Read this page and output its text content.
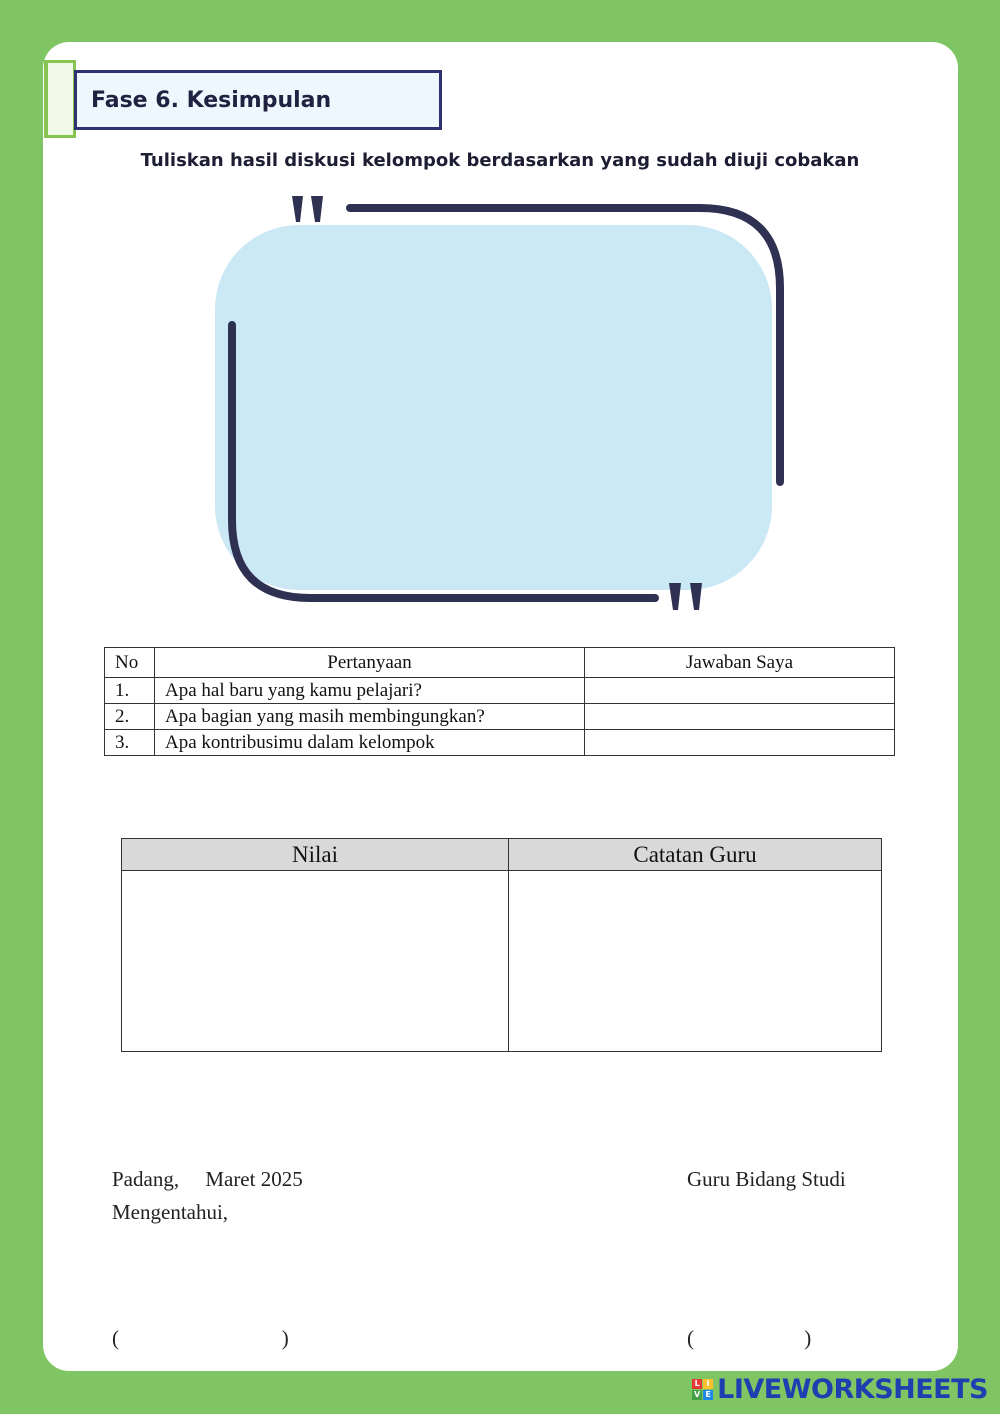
Fase 6. Kesimpulan
Tuliskan hasil diskusi kelompok berdasarkan yang sudah diuji cobakan
No	Pertanyaan	Jawaban Saya
1.	Apa hal baru yang kamu pelajari?	
2.	Apa bagian yang masih membingungkan?	
3.	Apa kontribusimu dalam kelompok	
Nilai	Catatan Guru

Padang,     Maret 2025
Mengentahui,
Guru Bidang Studi
(                               )	(                     )
L I
V E LIVEWORKSHEETS
